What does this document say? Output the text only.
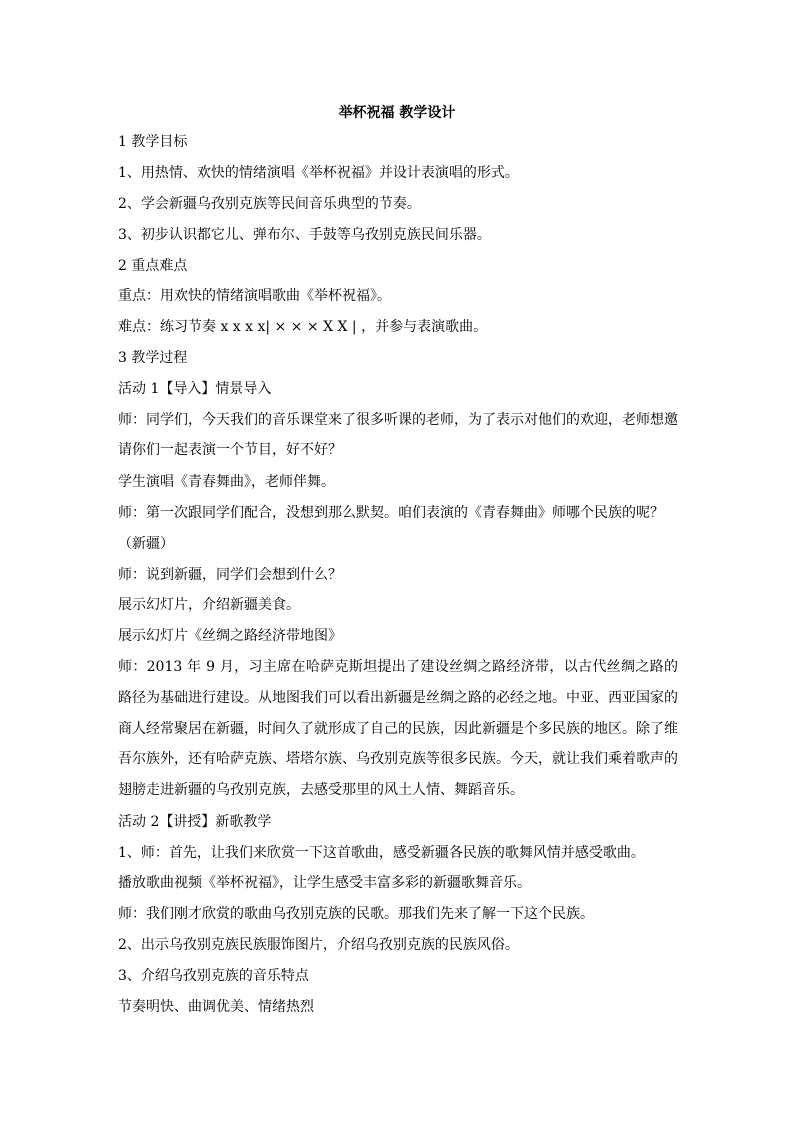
举杯祝福 教学设计
1 教学目标
1、用热情、欢快的情绪演唱《举杯祝福》并设计表演唱的形式。
2、学会新疆乌孜别克族等民间音乐典型的节奏。
3、初步认识都它儿、弹布尔、手鼓等乌孜别克族民间乐器。
2 重点难点
重点：用欢快的情绪演唱歌曲《举杯祝福》。
难点：练习节奏 x x x x| × × × X X | ，并参与表演歌曲。
3 教学过程
活动 1【导入】情景导入
师：同学们，今天我们的音乐课堂来了很多听课的老师，为了表示对他们的欢迎，老师想邀请你们一起表演一个节目，好不好？
学生演唱《青春舞曲》，老师伴舞。
师：第一次跟同学们配合，没想到那么默契。咱们表演的《青春舞曲》师哪个民族的呢？
（新疆）
师：说到新疆，同学们会想到什么？
展示幻灯片，介绍新疆美食。
展示幻灯片《丝绸之路经济带地图》
师：2013 年 9 月，习主席在哈萨克斯坦提出了建设丝绸之路经济带，以古代丝绸之路的路径为基础进行建设。从地图我们可以看出新疆是丝绸之路的必经之地。中亚、西亚国家的商人经常聚居在新疆，时间久了就形成了自己的民族，因此新疆是个多民族的地区。除了维吾尔族外，还有哈萨克族、塔塔尔族、乌孜别克族等很多民族。今天，就让我们乘着歌声的翅膀走进新疆的乌孜别克族，去感受那里的风土人情、舞蹈音乐。
活动 2【讲授】新歌教学
1、师：首先，让我们来欣赏一下这首歌曲，感受新疆各民族的歌舞风情并感受歌曲。
播放歌曲视频《举杯祝福》，让学生感受丰富多彩的新疆歌舞音乐。
师：我们刚才欣赏的歌曲乌孜别克族的民歌。那我们先来了解一下这个民族。
2、出示乌孜别克族民族服饰图片，介绍乌孜别克族的民族风俗。
3、介绍乌孜别克族的音乐特点
节奏明快、曲调优美、情绪热烈
